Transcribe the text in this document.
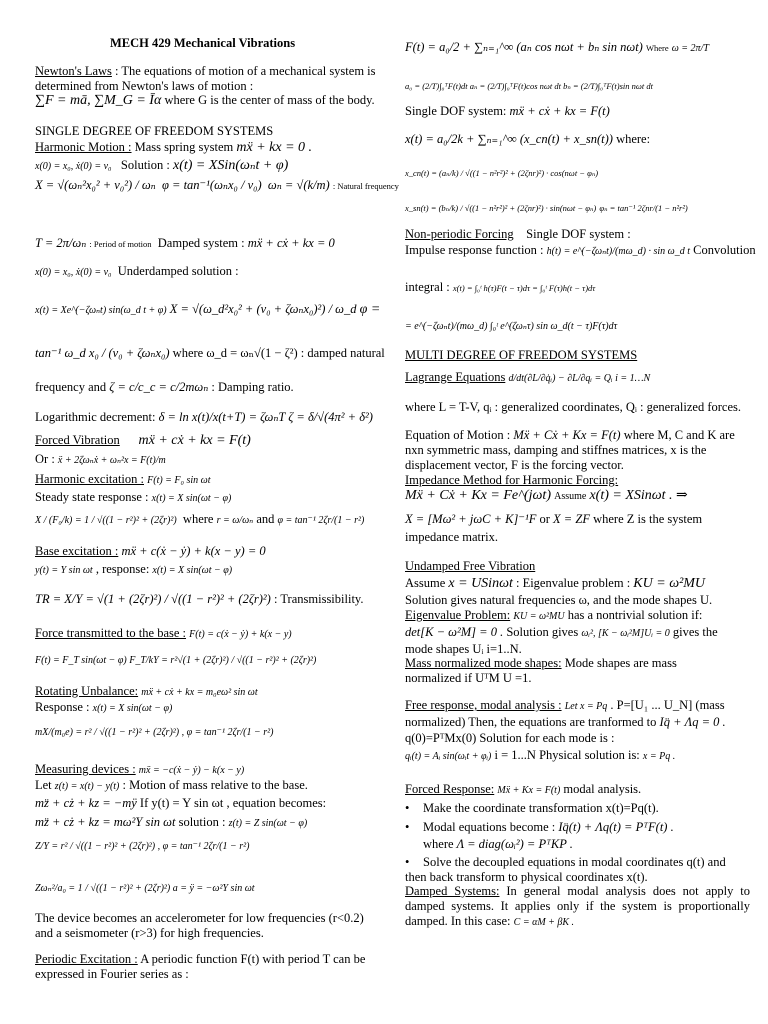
MECH 429 Mechanical Vibrations
Newton's Laws : The equations of motion of a mechanical system is determined from Newton's laws of motion :
∑F = mā, ∑M_G = Īα where G is the center of mass of the body.
SINGLE DEGREE OF FREEDOM SYSTEMS
Harmonic Motion : Mass spring system mẍ + kx = 0 .
x(0) = x₀, ẋ(0) = v₀ Solution : x(t) = XSin(ωₙt + φ)
X = √(ωₙ²x₀² + v₀²) / ωₙ φ = tan⁻¹(ωₙx₀ / v₀) ωₙ = √(k/m) : Natural frequency
T = 2π/ωₙ : Period of motion Damped system : mẍ + cẋ + kx = 0
x(0) = x₀, ẋ(0) = v₀ Underdamped solution :
x(t) = Xe^(−ζωₙt) sin(ω_d t + φ) X = √(ω_d²x₀² + (v₀ + ζωₙx₀)²) / ω_d φ =
tan⁻¹ ω_d x₀ / (v₀ + ζωₙx₀) where ω_d = ωₙ√(1 − ζ²) : damped natural
frequency and ζ = c/c_c = c/2mωₙ : Damping ratio.
Logarithmic decrement: δ = ln x(t)/x(t+T) = ζωₙT ζ = δ/√(4π² + δ²)
Forced Vibration mẍ + cẋ + kx = F(t)
Or : ẍ + 2ζωₙẋ + ωₙ²x = F(t)/m
Harmonic excitation : F(t) = F₀ sin ωt
Steady state response : x(t) = X sin(ωt − φ)
X / (F₀/k) = 1 / √((1 − r²)² + (2ζr)²) where r = ω/ωₙ and φ = tan⁻¹ 2ζr/(1 − r²)
Base excitation : mẍ + c(ẋ − ẏ) + k(x − y) = 0
y(t) = Y sin ωt , response: x(t) = X sin(ωt − φ)
TR = X/Y = √(1 + (2ζr)²) / √((1 − r²)² + (2ζr)²) : Transmissibility.
Force transmitted to the base : F(t) = c(ẋ − ẏ) + k(x − y)
F(t) = F_T sin(ωt − φ) F_T/kY = r²√(1 + (2ζr)²) / √((1 − r²)² + (2ζr)²)
Rotating Unbalance: mẍ + cẋ + kx = m₀eω² sin ωt
Response : x(t) = X sin(ωt − φ)
mX/(m₀e) = r² / √((1 − r²)² + (2ζr)²) , φ = tan⁻¹ 2ζr/(1 − r²)
Measuring devices : mẍ = −c(ẋ − ẏ) − k(x − y)
Let z(t) = x(t) − y(t) : Motion of mass relative to the base.
mz̈ + cż + kz = −mÿ If y(t) = Y sin ωt , equation becomes:
mz̈ + cż + kz = mω²Y sin ωt solution : z(t) = Z sin(ωt − φ)
Z/Y = r² / √((1 − r²)² + (2ζr)²) , φ = tan⁻¹ 2ζr/(1 − r²)
Zωₙ²/a₀ = 1 / √((1 − r²)² + (2ζr)²) a = ÿ = −ω²Y sin ωt
The device becomes an accelerometer for low frequencies (r<0.2) and a seismometer (r>3) for high frequencies.
Periodic Excitation : A periodic function F(t) with period T can be expressed in Fourier series as :
F(t) = a₀/2 + ∑ₙ₌₁^∞ (aₙ cos nωt + bₙ sin nωt) Where ω = 2π/T
a₀ = (2/T)∫₀ᵀF(t)dt aₙ = (2/T)∫₀ᵀF(t)cos nωt dt bₙ = (2/T)∫₀ᵀF(t)sin nωt dt
Single DOF system: mẍ + cẋ + kx = F(t)
x(t) = a₀/2k + ∑ₙ₌₁^∞ (x_cn(t) + x_sn(t)) where:
x_cn(t) = (aₙ/k) / √((1 − n²r²)² + (2ζnr)²) · cos(nωt − φₙ)
x_sn(t) = (bₙ/k) / √((1 − n²r²)² + (2ζnr)²) · sin(nωt − φₙ) φₙ = tan⁻¹ 2ζnr/(1 − n²r²)
Non-periodic Forcing Single DOF system :
Impulse response function : h(t) = e^(−ζωₙt)/(mω_d) · sin ω_d t Convolution
integral : x(t) = ∫₀ᵗ h(τ)F(t − τ)dτ = ∫₀ᵗ F(τ)h(t − τ)dτ
= e^(−ζωₙt)/(mω_d) ∫₀ᵗ e^(ζωₙτ) sin ω_d(t − τ)F(τ)dτ
MULTI DEGREE OF FREEDOM SYSTEMS
Lagrange Equations d/dt(∂L/∂q̇ᵢ) − ∂L/∂qᵢ = Qᵢ i = 1…N
where L = T-V, qᵢ : generalized coordinates, Qᵢ : generalized forces.
Equation of Motion : Mẍ + Cẋ + Kx = F(t) where M, C and K are nxn symmetric mass, damping and stiffnes matrices, x is the displacement vector, F is the forcing vector.
Impedance Method for Harmonic Forcing:
Mẍ + Cẋ + Kx = Fe^(jωt) Assume x(t) = XSinωt . ⇒
X = [Mω² + jωC + K]⁻¹F or X = ZF where Z is the system
impedance matrix.
Undamped Free Vibration
Assume x = USinωt : Eigenvalue problem : KU = ω²MU
Solution gives natural frequencies ω, and the mode shapes U.
Eigenvalue Problem: KU = ω²MU has a nontrivial solution if:
det[K − ω²M] = 0 . Solution gives ωᵢ², [K − ωᵢ²M]Uᵢ = 0 gives the
mode shapes Uᵢ i=1..N.
Mass normalized mode shapes: Mode shapes are mass
normalized if UᵀM U =1.
Free response, modal analysis : Let x = Pq . P=[U₁ ... U_N] (mass
normalized) Then, the equations are tranformed to Iq̈ + Λq = 0 .
q(0)=PᵀMx(0) Solution for each mode is :
qᵢ(t) = Aᵢ sin(ωᵢt + φᵢ) i = 1...N Physical solution is: x = Pq .
Forced Response: Mẍ + Kx = F(t) modal analysis.
• Make the coordinate transformation x(t)=Pq(t).
• Modal equations become : Iq̈(t) + Λq(t) = PᵀF(t) .
where Λ = diag(ωᵢ²) = PᵀKP .
• Solve the decoupled equations in modal coordinates q(t) and then back transform to physical coordinates x(t).
Damped Systems: In general modal analysis does not apply to damped systems. It applies only if the system is proportionally damped. In this case: C = αM + βK .
